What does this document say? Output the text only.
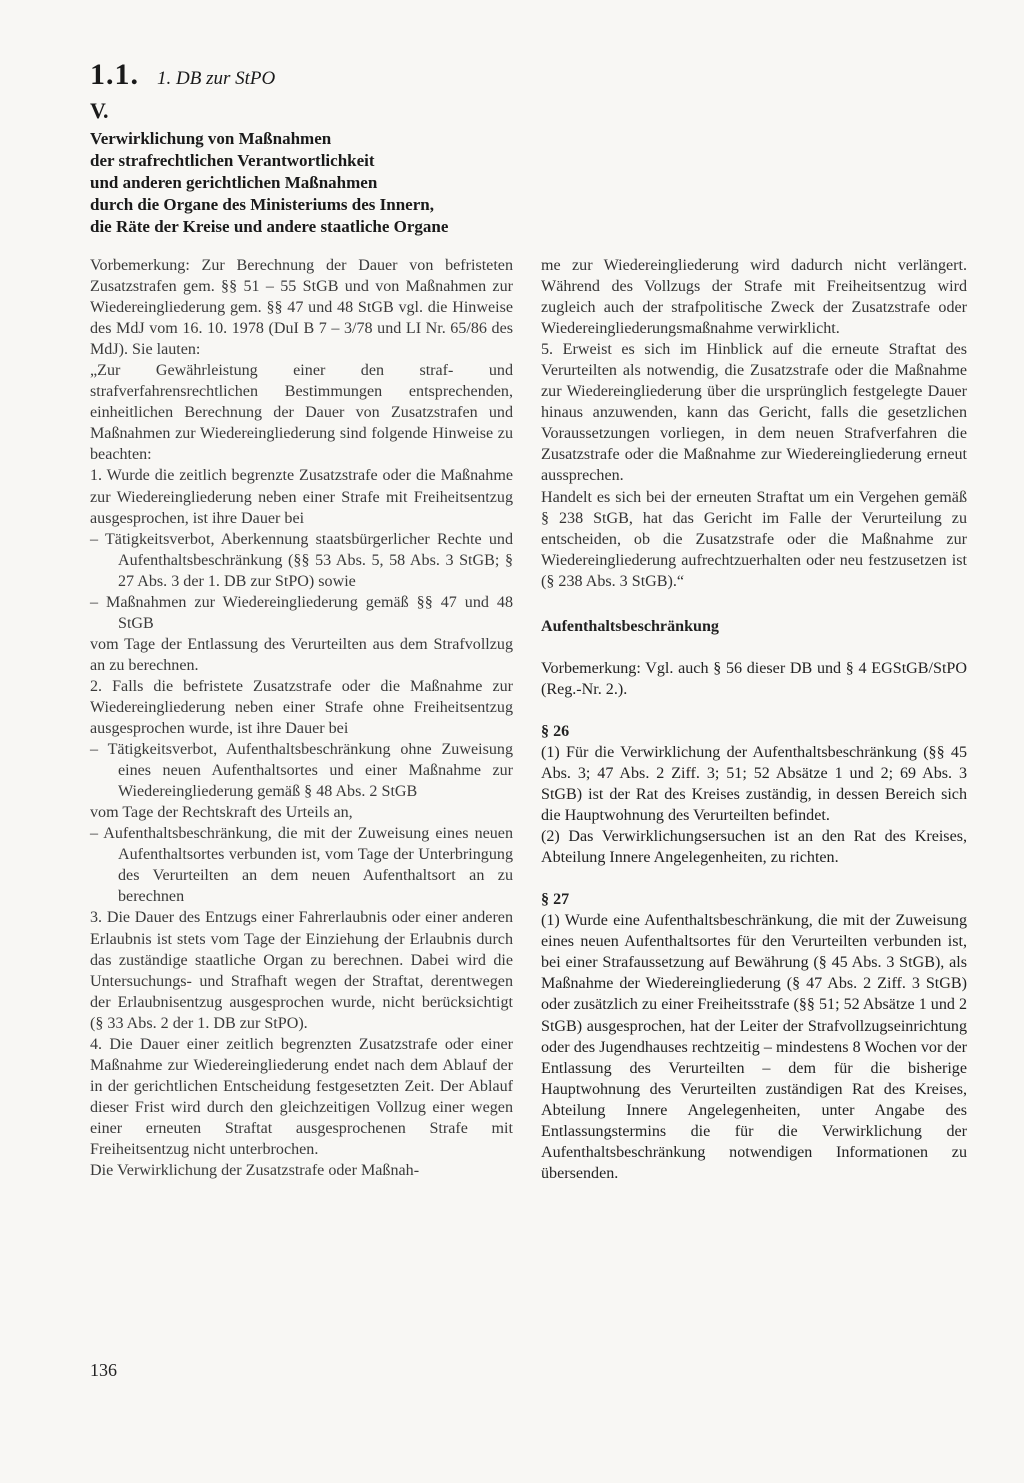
1.1. 1. DB zur StPO
V.
Verwirklichung von Maßnahmen
der strafrechtlichen Verantwortlichkeit
und anderen gerichtlichen Maßnahmen
durch die Organe des Ministeriums des Innern,
die Räte der Kreise und andere staatliche Organe

Vorbemerkung: Zur Berechnung der Dauer von befristeten Zusatzstrafen gem. §§ 51 – 55 StGB und von Maßnahmen zur Wiedereingliederung gem. §§ 47 und 48 StGB vgl. die Hinweise des MdJ vom 16. 10. 1978 (DuI B 7 – 3/78 und LI Nr. 65/86 des MdJ). Sie lauten:

„Zur Gewährleistung einer den straf- und strafverfahrensrechtlichen Bestimmungen entsprechenden, einheitlichen Berechnung der Dauer von Zusatzstrafen und Maßnahmen zur Wiedereingliederung sind folgende Hinweise zu beachten:

1. Wurde die zeitlich begrenzte Zusatzstrafe oder die Maßnahme zur Wiedereingliederung neben einer Strafe mit Freiheitsentzug ausgesprochen, ist ihre Dauer bei

– Tätigkeitsverbot, Aberkennung staatsbürgerlicher Rechte und Aufenthaltsbeschränkung (§§ 53 Abs. 5, 58 Abs. 3 StGB; § 27 Abs. 3 der 1. DB zur StPO) sowie

– Maßnahmen zur Wiedereingliederung gemäß §§ 47 und 48 StGB

vom Tage der Entlassung des Verurteilten aus dem Strafvollzug an zu berechnen.

2. Falls die befristete Zusatzstrafe oder die Maßnahme zur Wiedereingliederung neben einer Strafe ohne Freiheitsentzug ausgesprochen wurde, ist ihre Dauer bei

– Tätigkeitsverbot, Aufenthaltsbeschränkung ohne Zuweisung eines neuen Aufenthaltsortes und einer Maßnahme zur Wiedereingliederung gemäß § 48 Abs. 2 StGB

vom Tage der Rechtskraft des Urteils an,

– Aufenthaltsbeschränkung, die mit der Zuweisung eines neuen Aufenthaltsortes verbunden ist, vom Tage der Unterbringung des Verurteilten an dem neuen Aufenthaltsort an zu berechnen

3. Die Dauer des Entzugs einer Fahrerlaubnis oder einer anderen Erlaubnis ist stets vom Tage der Einziehung der Erlaubnis durch das zuständige staatliche Organ zu berechnen. Dabei wird die Untersuchungs- und Strafhaft wegen der Straftat, derentwegen der Erlaubnisentzug ausgesprochen wurde, nicht berücksichtigt (§ 33 Abs. 2 der 1. DB zur StPO).

4. Die Dauer einer zeitlich begrenzten Zusatzstrafe oder einer Maßnahme zur Wiedereingliederung endet nach dem Ablauf der in der gerichtlichen Entscheidung festgesetzten Zeit. Der Ablauf dieser Frist wird durch den gleichzeitigen Vollzug einer wegen einer erneuten Straftat ausgesprochenen Strafe mit Freiheitsentzug nicht unterbrochen.

Die Verwirklichung der Zusatzstrafe oder Maßnah-

me zur Wiedereingliederung wird dadurch nicht verlängert. Während des Vollzugs der Strafe mit Freiheitsentzug wird zugleich auch der strafpolitische Zweck der Zusatzstrafe oder Wiedereingliederungsmaßnahme verwirklicht.

5. Erweist es sich im Hinblick auf die erneute Straftat des Verurteilten als notwendig, die Zusatzstrafe oder die Maßnahme zur Wiedereingliederung über die ursprünglich festgelegte Dauer hinaus anzuwenden, kann das Gericht, falls die gesetzlichen Voraussetzungen vorliegen, in dem neuen Strafverfahren die Zusatzstrafe oder die Maßnahme zur Wiedereingliederung erneut aussprechen.

Handelt es sich bei der erneuten Straftat um ein Vergehen gemäß § 238 StGB, hat das Gericht im Falle der Verurteilung zu entscheiden, ob die Zusatzstrafe oder die Maßnahme zur Wiedereingliederung aufrechtzuerhalten oder neu festzusetzen ist (§ 238 Abs. 3 StGB).“

Aufenthaltsbeschränkung

Vorbemerkung: Vgl. auch § 56 dieser DB und § 4 EGStGB/StPO (Reg.-Nr. 2.).

§ 26

(1) Für die Verwirklichung der Aufenthaltsbeschränkung (§§ 45 Abs. 3; 47 Abs. 2 Ziff. 3; 51; 52 Absätze 1 und 2; 69 Abs. 3 StGB) ist der Rat des Kreises zuständig, in dessen Bereich sich die Hauptwohnung des Verurteilten befindet.

(2) Das Verwirklichungsersuchen ist an den Rat des Kreises, Abteilung Innere Angelegenheiten, zu richten.

§ 27

(1) Wurde eine Aufenthaltsbeschränkung, die mit der Zuweisung eines neuen Aufenthaltsortes für den Verurteilten verbunden ist, bei einer Strafaussetzung auf Bewährung (§ 45 Abs. 3 StGB), als Maßnahme der Wiedereingliederung (§ 47 Abs. 2 Ziff. 3 StGB) oder zusätzlich zu einer Freiheitsstrafe (§§ 51; 52 Absätze 1 und 2 StGB) ausgesprochen, hat der Leiter der Strafvollzugseinrichtung oder des Jugendhauses rechtzeitig – mindestens 8 Wochen vor der Entlassung des Verurteilten – dem für die bisherige Hauptwohnung des Verurteilten zuständigen Rat des Kreises, Abteilung Innere Angelegenheiten, unter Angabe des Entlassungstermins die für die Verwirklichung der Aufenthaltsbeschränkung notwendigen Informationen zu übersenden.

136
